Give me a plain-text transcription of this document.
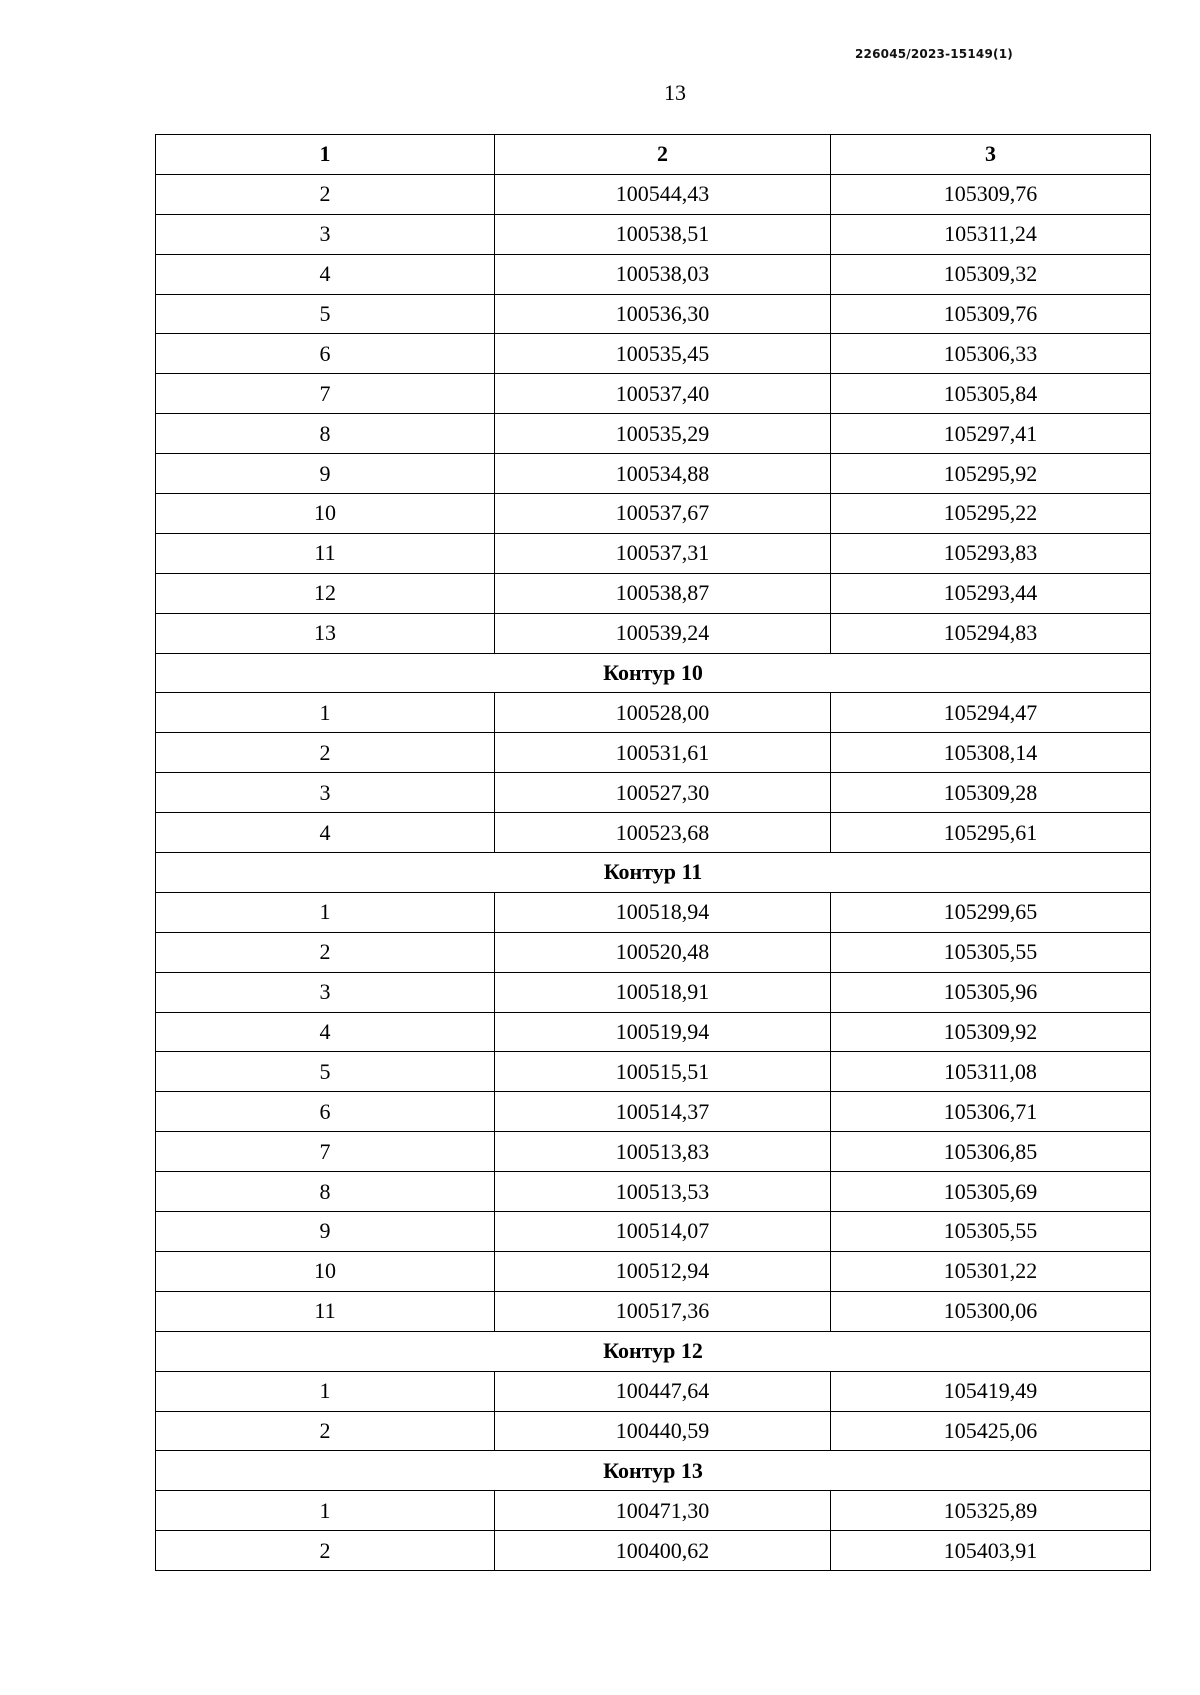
226045/2023-15149(1)
13
1	2	3
2	100544,43	105309,76
3	100538,51	105311,24
4	100538,03	105309,32
5	100536,30	105309,76
6	100535,45	105306,33
7	100537,40	105305,84
8	100535,29	105297,41
9	100534,88	105295,92
10	100537,67	105295,22
11	100537,31	105293,83
12	100538,87	105293,44
13	100539,24	105294,83
Контур 10		
1	100528,00	105294,47
2	100531,61	105308,14
3	100527,30	105309,28
4	100523,68	105295,61
Контур 11		
1	100518,94	105299,65
2	100520,48	105305,55
3	100518,91	105305,96
4	100519,94	105309,92
5	100515,51	105311,08
6	100514,37	105306,71
7	100513,83	105306,85
8	100513,53	105305,69
9	100514,07	105305,55
10	100512,94	105301,22
11	100517,36	105300,06
Контур 12		
1	100447,64	105419,49
2	100440,59	105425,06
Контур 13		
1	100471,30	105325,89
2	100400,62	105403,91
